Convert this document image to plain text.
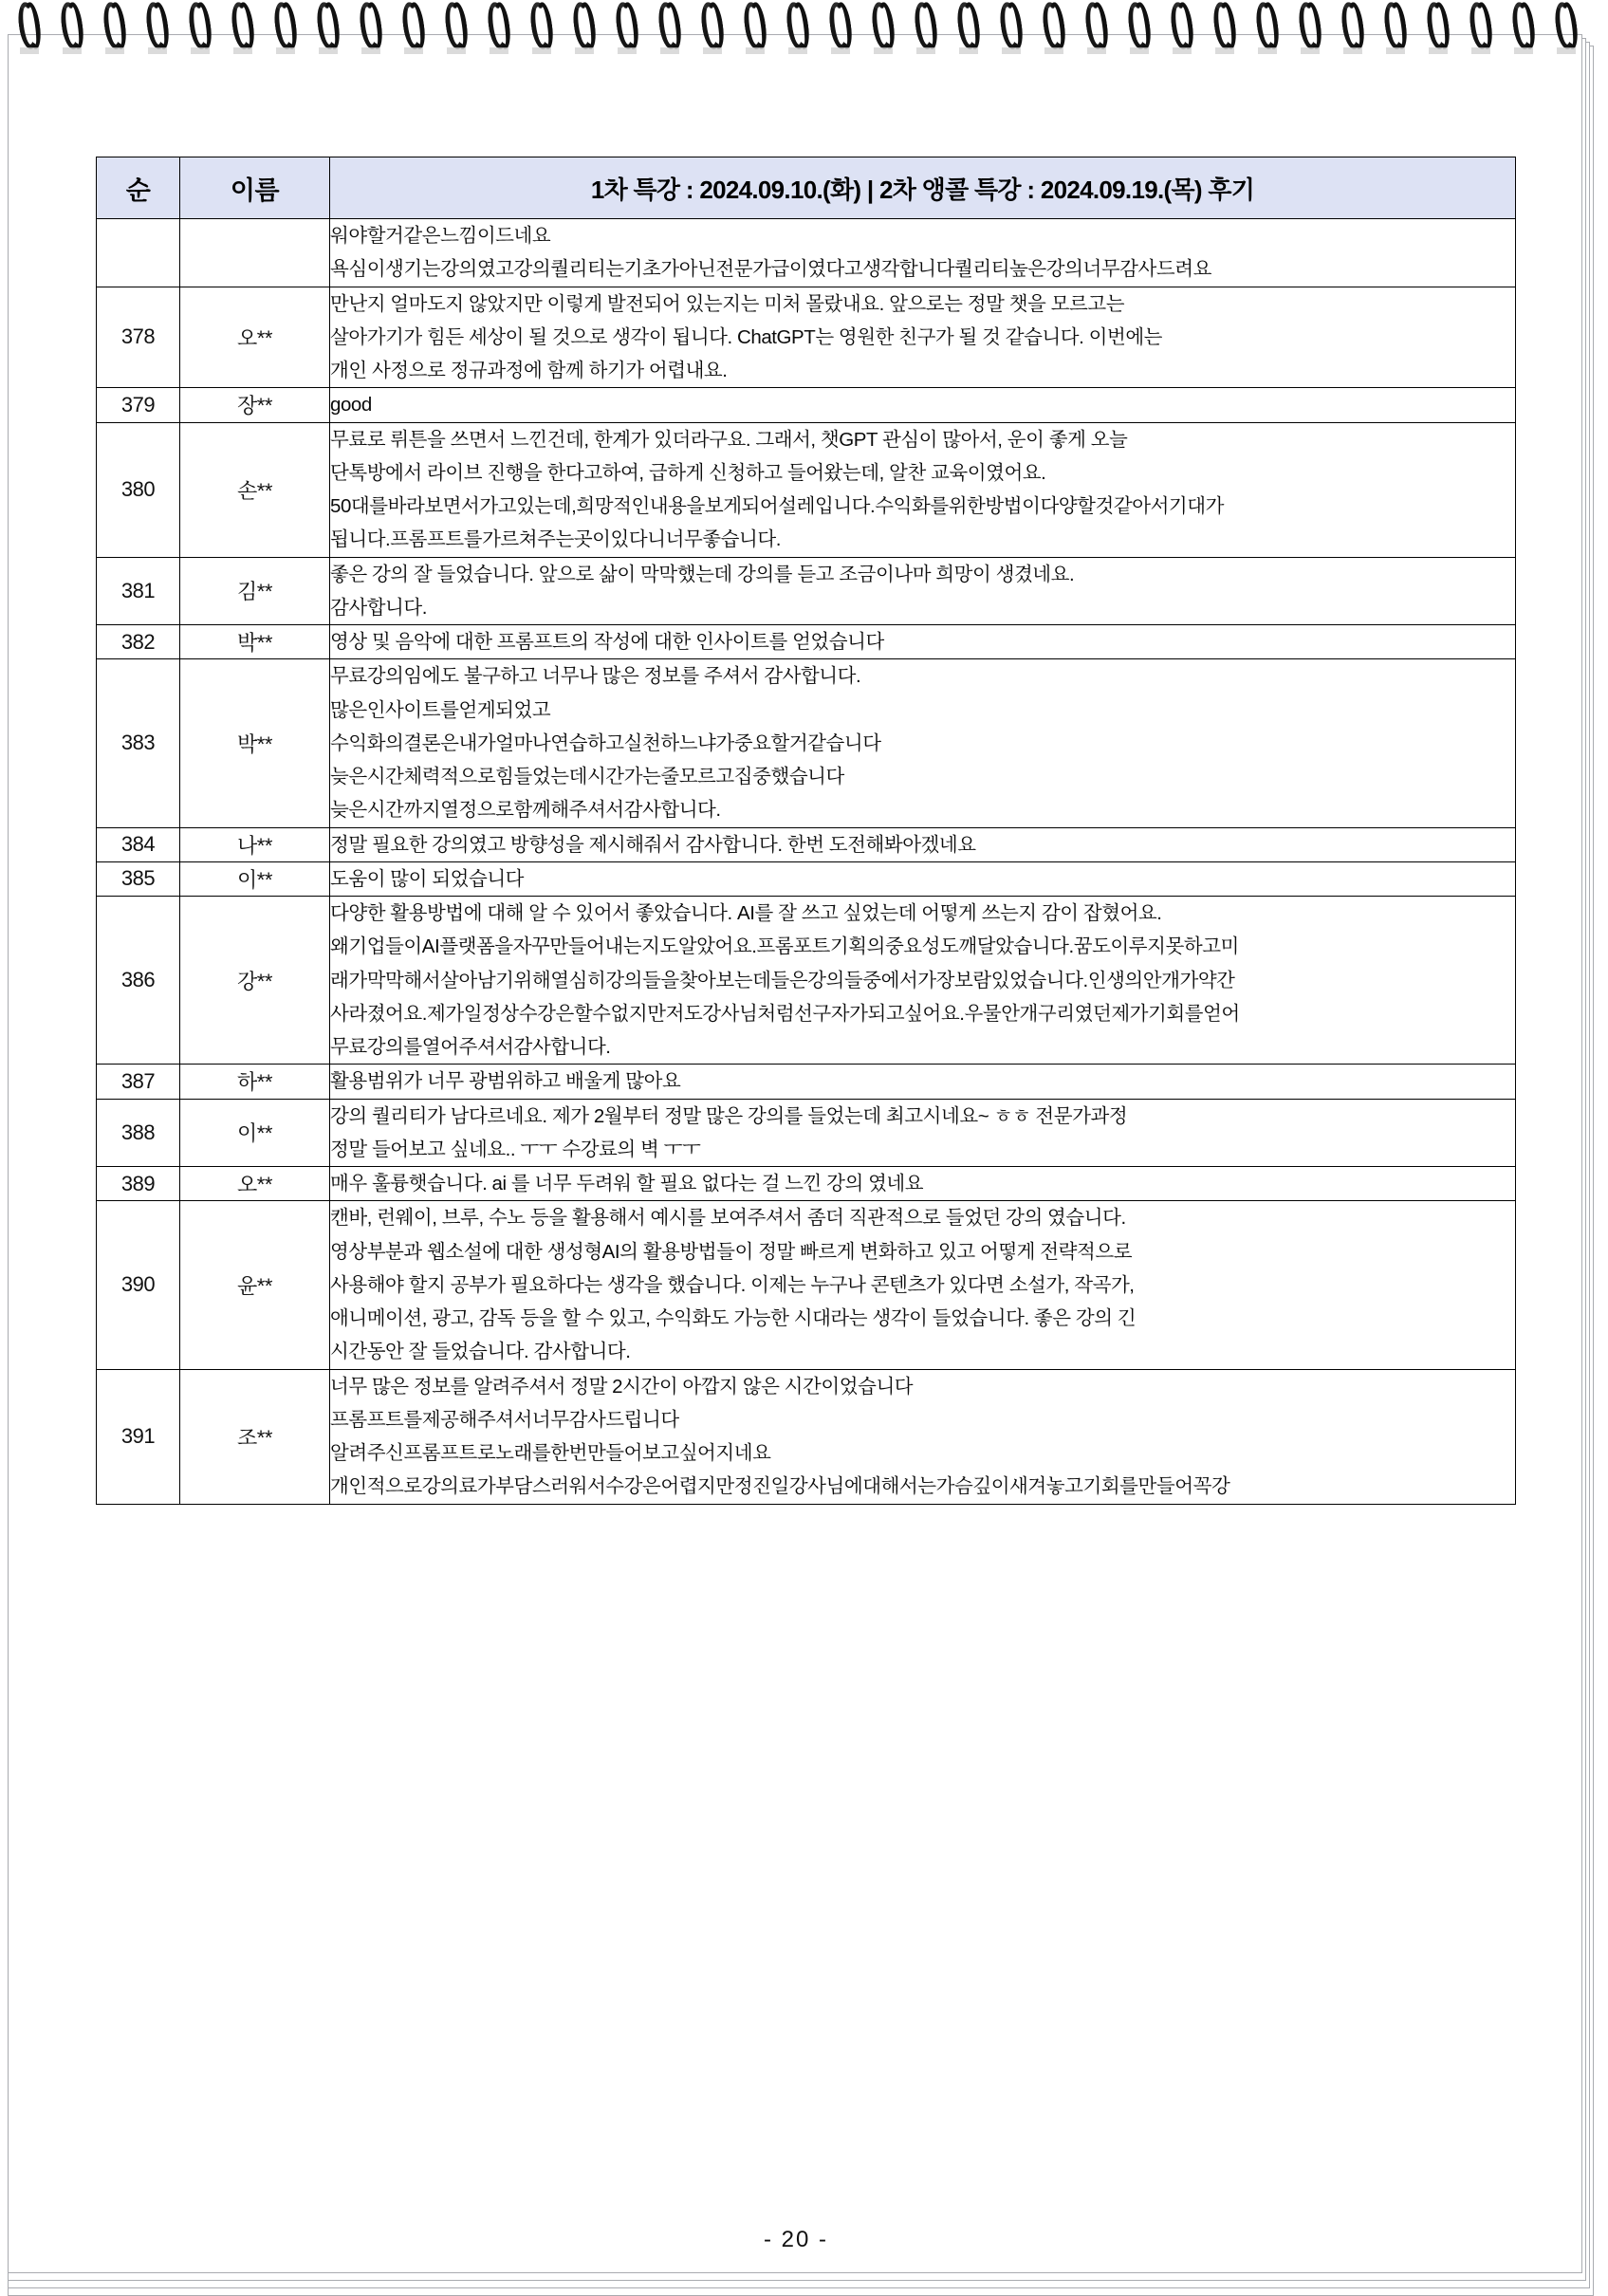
순	이름	1차 특강 : 2024.09.10.(화) | 2차 앵콜 특강 : 2024.09.19.(목) 후기

		워야할거같은느낌이드네요
욕심이생기는강의였고강의퀄리티는기초가아닌전문가급이였다고생각합니다퀄리티높은강의너무감사드려요

378	오**	만난지 얼마도지 않았지만 이렇게 발전되어 있는지는 미처 몰랐내요. 앞으로는 정말 챗을 모르고는
살아가기가 힘든 세상이 될 것으로 생각이 됩니다. ChatGPT는 영원한 친구가 될 것 같습니다. 이번에는
개인 사정으로 정규과정에 함께 하기가 어렵내요.

379	장**	good

380	손**	무료로 뤼튼을 쓰면서 느낀건데, 한계가 있더라구요. 그래서, 챗GPT 관심이 많아서, 운이 좋게 오늘
단톡방에서 라이브 진행을 한다고하여, 급하게 신청하고 들어왔는데, 알찬 교육이였어요.
50대를바라보면서가고있는데,희망적인내용을보게되어설레입니다.수익화를위한방법이다양할것같아서기대가
됩니다.프롬프트를가르쳐주는곳이있다니너무좋습니다.

381	김**	좋은 강의 잘 들었습니다. 앞으로 삶이 막막했는데 강의를 듣고 조금이나마 희망이 생겼네요.
감사합니다.

382	박**	영상 및 음악에 대한 프롬프트의 작성에 대한 인사이트를 얻었습니다

383	박**	무료강의임에도 불구하고 너무나 많은 정보를 주셔서 감사합니다.
많은인사이트를얻게되었고
수익화의결론은내가얼마나연습하고실천하느냐가중요할거같습니다
늦은시간체력적으로힘들었는데시간가는줄모르고집중했습니다
늦은시간까지열정으로함께해주셔서감사합니다.

384	나**	정말 필요한 강의였고 방향성을 제시해줘서 감사합니다. 한번 도전해봐아겠네요

385	이**	도움이 많이 되었습니다

386	강**	다양한 활용방법에 대해 알 수 있어서 좋았습니다. AI를 잘 쓰고 싶었는데 어떻게 쓰는지 감이 잡혔어요.
왜기업들이AI플랫폼을자꾸만들어내는지도알았어요.프롬포트기획의중요성도깨달았습니다.꿈도이루지못하고미
래가막막해서살아남기위해열심히강의들을찾아보는데들은강의들중에서가장보람있었습니다.인생의안개가약간
사라졌어요.제가일정상수강은할수없지만저도강사님처럼선구자가되고싶어요.우물안개구리였던제가기회를얻어
무료강의를열어주셔서감사합니다.

387	하**	활용범위가 너무 광범위하고 배울게 많아요

388	이**	강의 퀄리티가 남다르네요. 제가 2월부터 정말 많은 강의를 들었는데 최고시네요~ ㅎㅎ 전문가과정
정말 들어보고 싶네요.. ㅜㅜ 수강료의 벽 ㅜㅜ

389	오**	매우 훌륭햇습니다. ai 를 너무 두려워 할 필요 없다는 걸 느낀 강의 였네요

390	윤**	캔바, 런웨이, 브루, 수노 등을 활용해서 예시를 보여주셔서 좀더 직관적으로 들었던 강의 였습니다.
영상부분과 웹소설에 대한 생성형AI의 활용방법들이 정말 빠르게 변화하고 있고 어떻게 전략적으로
사용해야 할지 공부가 필요하다는 생각을 했습니다. 이제는 누구나 콘텐츠가 있다면 소설가, 작곡가,
애니메이션, 광고, 감독 등을 할 수 있고, 수익화도 가능한 시대라는 생각이 들었습니다. 좋은 강의 긴
시간동안 잘 들었습니다. 감사합니다.

391	조**	너무 많은 정보를 알려주셔서 정말 2시간이 아깝지 않은 시간이었습니다
프롬프트를제공해주셔서너무감사드립니다
알려주신프롬프트로노래를한번만들어보고싶어지네요
개인적으로강의료가부담스러워서수강은어렵지만정진일강사님에대해서는가슴깊이새겨놓고기회를만들어꼭강
- 20 -
